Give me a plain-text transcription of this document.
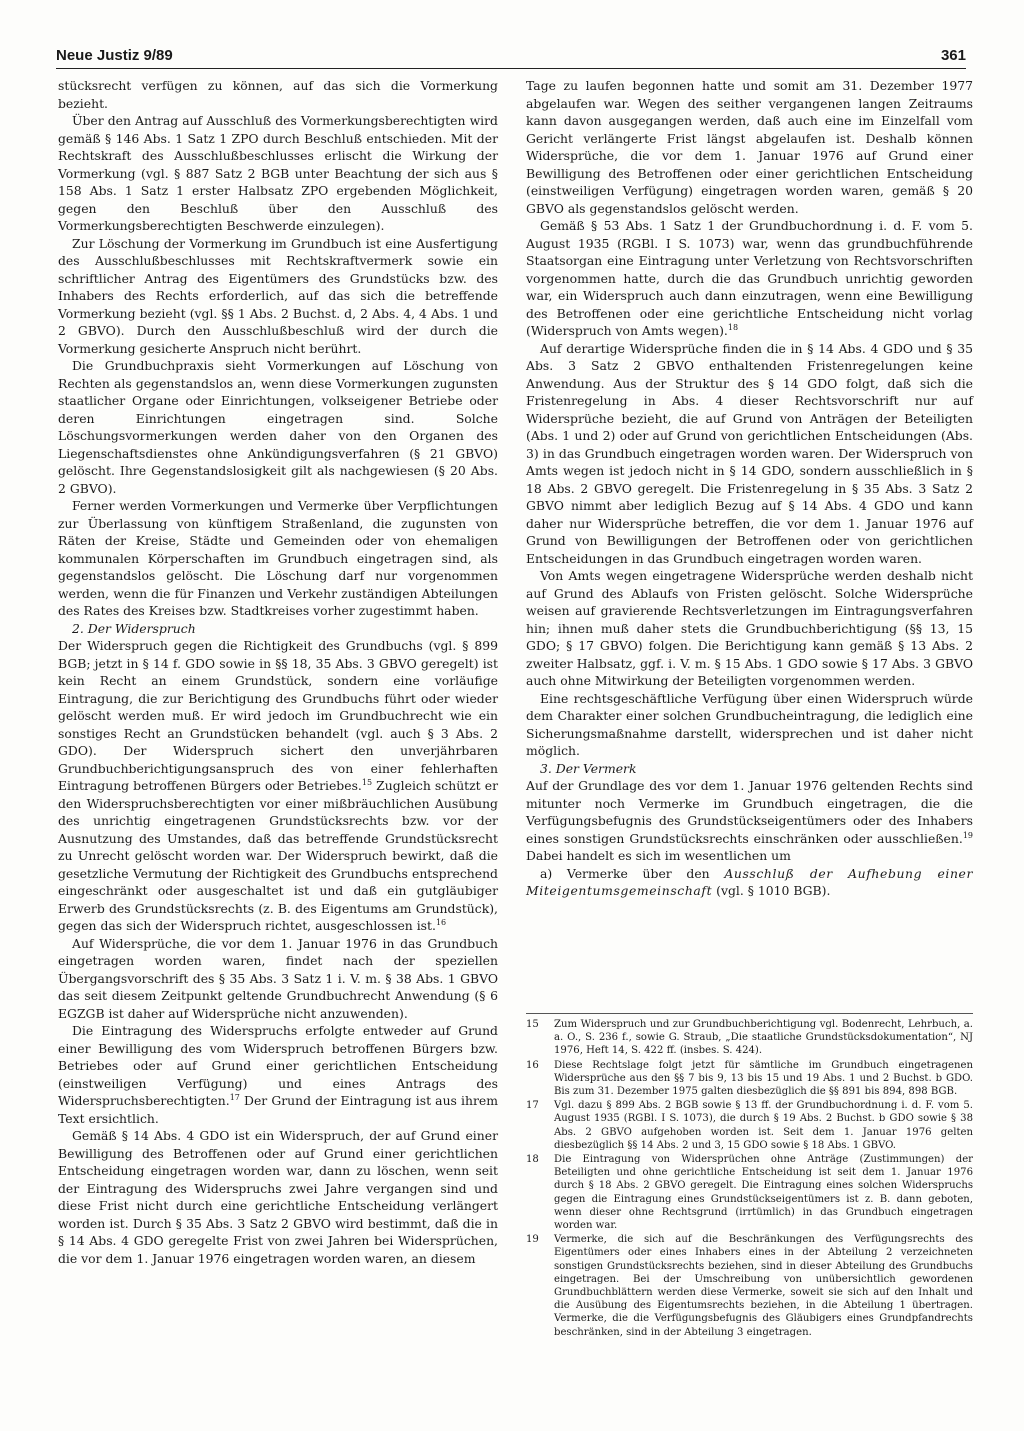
Neue Justiz 9/89	361

stücksrecht verfügen zu können, auf das sich die Vormerkung bezieht.

Über den Antrag auf Ausschluß des Vormerkungsberechtigten wird gemäß § 146 Abs. 1 Satz 1 ZPO durch Beschluß entschieden. Mit der Rechtskraft des Ausschlußbeschlusses erlischt die Wirkung der Vormerkung (vgl. § 887 Satz 2 BGB unter Beachtung der sich aus § 158 Abs. 1 Satz 1 erster Halbsatz ZPO ergebenden Möglichkeit, gegen den Beschluß über den Ausschluß des Vormerkungsberechtigten Beschwerde einzulegen).

Zur Löschung der Vormerkung im Grundbuch ist eine Ausfertigung des Ausschlußbeschlusses mit Rechtskraftvermerk sowie ein schriftlicher Antrag des Eigentümers des Grundstücks bzw. des Inhabers des Rechts erforderlich, auf das sich die betreffende Vormerkung bezieht (vgl. §§ 1 Abs. 2 Buchst. d, 2 Abs. 4, 4 Abs. 1 und 2 GBVO). Durch den Ausschlußbeschluß wird der durch die Vormerkung gesicherte Anspruch nicht berührt.

Die Grundbuchpraxis sieht Vormerkungen auf Löschung von Rechten als gegenstandslos an, wenn diese Vormerkungen zugunsten staatlicher Organe oder Einrichtungen, volkseigener Betriebe oder deren Einrichtungen eingetragen sind. Solche Löschungsvormerkungen werden daher von den Organen des Liegenschaftsdienstes ohne Ankündigungsverfahren (§ 21 GBVO) gelöscht. Ihre Gegenstandslosigkeit gilt als nachgewiesen (§ 20 Abs. 2 GBVO).

Ferner werden Vormerkungen und Vermerke über Verpflichtungen zur Überlassung von künftigem Straßenland, die zugunsten von Räten der Kreise, Städte und Gemeinden oder von ehemaligen kommunalen Körperschaften im Grundbuch eingetragen sind, als gegenstandslos gelöscht. Die Löschung darf nur vorgenommen werden, wenn die für Finanzen und Verkehr zuständigen Abteilungen des Rates des Kreises bzw. Stadtkreises vorher zugestimmt haben.

2. Der Widerspruch

Der Widerspruch gegen die Richtigkeit des Grundbuchs (vgl. § 899 BGB; jetzt in § 14 f. GDO sowie in §§ 18, 35 Abs. 3 GBVO geregelt) ist kein Recht an einem Grundstück, sondern eine vorläufige Eintragung, die zur Berichtigung des Grundbuchs führt oder wieder gelöscht werden muß. Er wird jedoch im Grundbuchrecht wie ein sonstiges Recht an Grundstücken behandelt (vgl. auch § 3 Abs. 2 GDO). Der Widerspruch sichert den unverjährbaren Grundbuchberichtigungsanspruch des von einer fehlerhaften Eintragung betroffenen Bürgers oder Betriebes.$^{15}$ Zugleich schützt er den Widerspruchsberechtigten vor einer mißbräuchlichen Ausübung des unrichtig eingetragenen Grundstücksrechts bzw. vor der Ausnutzung des Umstandes, daß das betreffende Grundstücksrecht zu Unrecht gelöscht worden war. Der Widerspruch bewirkt, daß die gesetzliche Vermutung der Richtigkeit des Grundbuchs entsprechend eingeschränkt oder ausgeschaltet ist und daß ein gutgläubiger Erwerb des Grundstücksrechts (z. B. des Eigentums am Grundstück), gegen das sich der Widerspruch richtet, ausgeschlossen ist.$^{16}$

Auf Widersprüche, die vor dem 1. Januar 1976 in das Grundbuch eingetragen worden waren, findet nach der speziellen Übergangsvorschrift des § 35 Abs. 3 Satz 1 i. V. m. § 38 Abs. 1 GBVO das seit diesem Zeitpunkt geltende Grundbuchrecht Anwendung (§ 6 EGZGB ist daher auf Widersprüche nicht anzuwenden).

Die Eintragung des Widerspruchs erfolgte entweder auf Grund einer Bewilligung des vom Widerspruch betroffenen Bürgers bzw. Betriebes oder auf Grund einer gerichtlichen Entscheidung (einstweiligen Verfügung) und eines Antrags des Widerspruchsberechtigten.$^{17}$ Der Grund der Eintragung ist aus ihrem Text ersichtlich.

Gemäß § 14 Abs. 4 GDO ist ein Widerspruch, der auf Grund einer Bewilligung des Betroffenen oder auf Grund einer gerichtlichen Entscheidung eingetragen worden war, dann zu löschen, wenn seit der Eintragung des Widerspruchs zwei Jahre vergangen sind und diese Frist nicht durch eine gerichtliche Entscheidung verlängert worden ist. Durch § 35 Abs. 3 Satz 2 GBVO wird bestimmt, daß die in § 14 Abs. 4 GDO geregelte Frist von zwei Jahren bei Widersprüchen, die vor dem 1. Januar 1976 eingetragen worden waren, an diesem

Tage zu laufen begonnen hatte und somit am 31. Dezember 1977 abgelaufen war. Wegen des seither vergangenen langen Zeitraums kann davon ausgegangen werden, daß auch eine im Einzelfall vom Gericht verlängerte Frist längst abgelaufen ist. Deshalb können Widersprüche, die vor dem 1. Januar 1976 auf Grund einer Bewilligung des Betroffenen oder einer gerichtlichen Entscheidung (einstweiligen Verfügung) eingetragen worden waren, gemäß § 20 GBVO als gegenstandslos gelöscht werden.

Gemäß § 53 Abs. 1 Satz 1 der Grundbuchordnung i. d. F. vom 5. August 1935 (RGBl. I S. 1073) war, wenn das grundbuchführende Staatsorgan eine Eintragung unter Verletzung von Rechtsvorschriften vorgenommen hatte, durch die das Grundbuch unrichtig geworden war, ein Widerspruch auch dann einzutragen, wenn eine Bewilligung des Betroffenen oder eine gerichtliche Entscheidung nicht vorlag (Widerspruch von Amts wegen).$^{18}$

Auf derartige Widersprüche finden die in § 14 Abs. 4 GDO und § 35 Abs. 3 Satz 2 GBVO enthaltenden Fristenregelungen keine Anwendung. Aus der Struktur des § 14 GDO folgt, daß sich die Fristenregelung in Abs. 4 dieser Rechtsvorschrift nur auf Widersprüche bezieht, die auf Grund von Anträgen der Beteiligten (Abs. 1 und 2) oder auf Grund von gerichtlichen Entscheidungen (Abs. 3) in das Grundbuch eingetragen worden waren. Der Widerspruch von Amts wegen ist jedoch nicht in § 14 GDO, sondern ausschließlich in § 18 Abs. 2 GBVO geregelt. Die Fristenregelung in § 35 Abs. 3 Satz 2 GBVO nimmt aber lediglich Bezug auf § 14 Abs. 4 GDO und kann daher nur Widersprüche betreffen, die vor dem 1. Januar 1976 auf Grund von Bewilligungen der Betroffenen oder von gerichtlichen Entscheidungen in das Grundbuch eingetragen worden waren.

Von Amts wegen eingetragene Widersprüche werden deshalb nicht auf Grund des Ablaufs von Fristen gelöscht. Solche Widersprüche weisen auf gravierende Rechtsverletzungen im Eintragungsverfahren hin; ihnen muß daher stets die Grundbuchberichtigung (§§ 13, 15 GDO; § 17 GBVO) folgen. Die Berichtigung kann gemäß § 13 Abs. 2 zweiter Halbsatz, ggf. i. V. m. § 15 Abs. 1 GDO sowie § 17 Abs. 3 GBVO auch ohne Mitwirkung der Beteiligten vorgenommen werden.

Eine rechtsgeschäftliche Verfügung über einen Widerspruch würde dem Charakter einer solchen Grundbucheintragung, die lediglich eine Sicherungsmaßnahme darstellt, widersprechen und ist daher nicht möglich.

3. Der Vermerk

Auf der Grundlage des vor dem 1. Januar 1976 geltenden Rechts sind mitunter noch Vermerke im Grundbuch eingetragen, die die Verfügungsbefugnis des Grundstückseigentümers oder des Inhabers eines sonstigen Grundstücksrechts einschränken oder ausschließen.$^{19}$ Dabei handelt es sich im wesentlichen um

a) Vermerke über den Ausschluß der Aufhebung einer Miteigentumsgemeinschaft (vgl. § 1010 BGB).

15	Zum Widerspruch und zur Grundbuchberichtigung vgl. Bodenrecht, Lehrbuch, a. a. O., S. 236 f., sowie G. Straub, „Die staatliche Grundstücksdokumentation“, NJ 1976, Heft 14, S. 422 ff. (insbes. S. 424).
16	Diese Rechtslage folgt jetzt für sämtliche im Grundbuch eingetragenen Widersprüche aus den §§ 7 bis 9, 13 bis 15 und 19 Abs. 1 und 2 Buchst. b GDO. Bis zum 31. Dezember 1975 galten diesbezüglich die §§ 891 bis 894, 898 BGB.
17	Vgl. dazu § 899 Abs. 2 BGB sowie § 13 ff. der Grundbuchordnung i. d. F. vom 5. August 1935 (RGBl. I S. 1073), die durch § 19 Abs. 2 Buchst. b GDO sowie § 38 Abs. 2 GBVO aufgehoben worden ist. Seit dem 1. Januar 1976 gelten diesbezüglich §§ 14 Abs. 2 und 3, 15 GDO sowie § 18 Abs. 1 GBVO.
18	Die Eintragung von Widersprüchen ohne Anträge (Zustimmungen) der Beteiligten und ohne gerichtliche Entscheidung ist seit dem 1. Januar 1976 durch § 18 Abs. 2 GBVO geregelt. Die Eintragung eines solchen Widerspruchs gegen die Eintragung eines Grundstückseigentümers ist z. B. dann geboten, wenn dieser ohne Rechtsgrund (irrtümlich) in das Grundbuch eingetragen worden war.
19	Vermerke, die sich auf die Beschränkungen des Verfügungsrechts des Eigentümers oder eines Inhabers eines in der Abteilung 2 verzeichneten sonstigen Grundstücksrechts beziehen, sind in dieser Abteilung des Grundbuchs eingetragen. Bei der Umschreibung von unübersichtlich gewordenen Grundbuchblättern werden diese Vermerke, soweit sie sich auf den Inhalt und die Ausübung des Eigentumsrechts beziehen, in die Abteilung 1 übertragen. Vermerke, die die Verfügungsbefugnis des Gläubigers eines Grundpfandrechts beschränken, sind in der Abteilung 3 eingetragen.
